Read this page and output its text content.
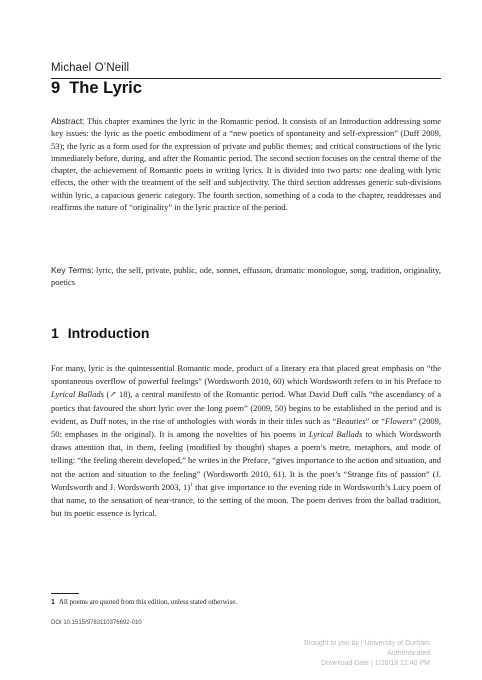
Michael O’Neill
9 The Lyric
Abstract: This chapter examines the lyric in the Romantic period. It consists of an Introduction addressing some key issues: the lyric as the poetic embodiment of a “new poetics of spontaneity and self-expression” (Duff 2009, 53); the lyric as a form used for the expression of private and public themes; and critical constructions of the lyric immediately before, during, and after the Romantic period. The second section focuses on the central theme of the chapter, the achievement of Romantic poets in writing lyrics. It is divided into two parts: one dealing with lyric effects, the other with the treatment of the self and subjectivity. The third section addresses generic sub-divisions within lyric, a capacious generic category. The fourth section, something of a coda to the chapter, readdresses and reaffirms the nature of “originality” in the lyric practice of the period.
Key Terms: lyric, the self, private, public, ode, sonnet, effusion, dramatic monologue, song, tradition, originality, poetics
1 Introduction
For many, lyric is the quintessential Romantic mode, product of a literary era that placed great emphasis on “the spontaneous overflow of powerful feelings” (Wordsworth 2010, 60) which Wordsworth refers to in his Preface to Lyrical Ballads (↗ 18), a central manifesto of the Romantic period. What David Duff calls “the ascendancy of a poetics that favoured the short lyric over the long poem” (2009, 50) begins to be established in the period and is evident, as Duff notes, in the rise of anthologies with words in their titles such as “Beauties” or “Flowers” (2009, 50: emphases in the original). It is among the novelties of his poems in Lyrical Ballads to which Wordsworth draws attention that, in them, feeling (modified by thought) shapes a poem’s metre, metaphors, and mode of telling: “the feeling therein developed,” he writes in the Preface, “gives importance to the action and situation, and not the action and situation to the feeling” (Wordsworth 2010, 61). It is the poet’s “Strange fits of passion” (J. Wordsworth and J. Wordsworth 2003, 1)$^1$ that give importance to the evening ride in Wordsworth’s Lucy poem of that name, to the sensation of near-trance, to the setting of the moon. The poem derives from the ballad tradition, but its poetic essence is lyrical.
1 All poems are quoted from this edition, unless stated otherwise.
DOI 10.1515/9783110376692-010
Brought to you by | University of Durham
Authenticated
Download Date | 1/26/18 12:40 PM
